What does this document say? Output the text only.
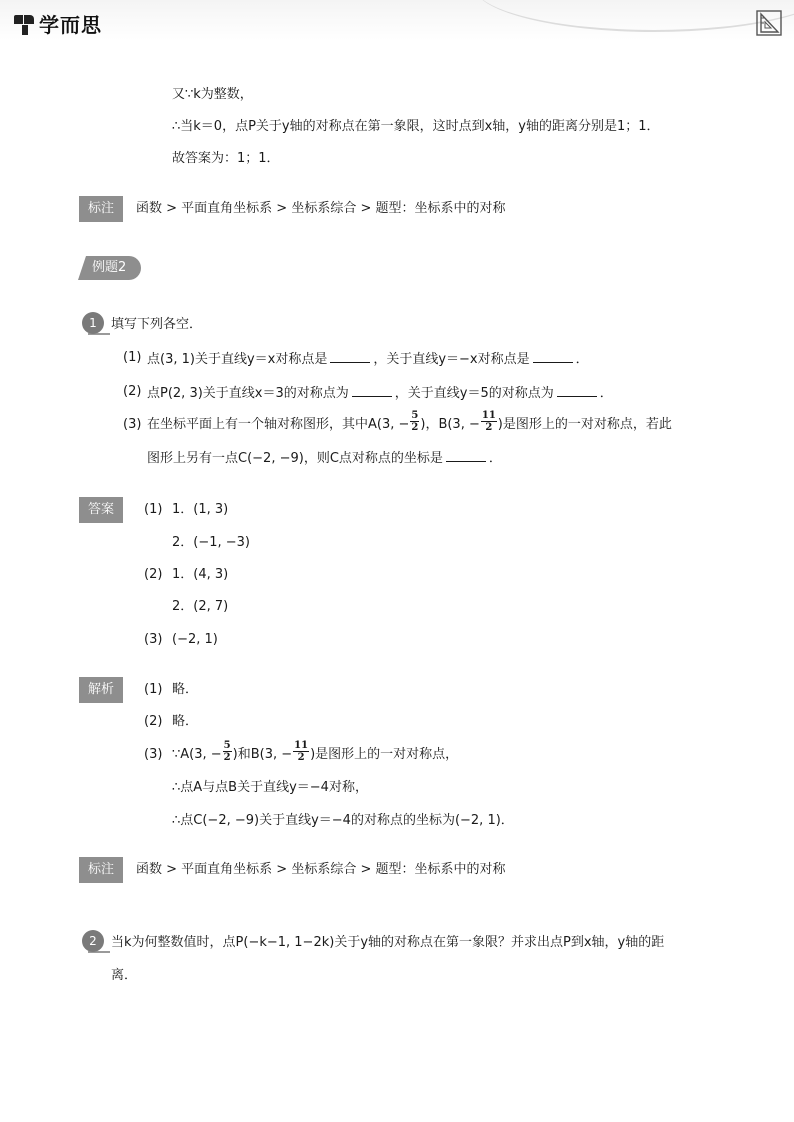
学而思
又∵k为整数，
∴当k＝0，点P关于y轴的对称点在第一象限，这时点到x轴，y轴的距离分别是1；1．
故答案为：1；1．
标注	函数 > 平面直角坐标系 > 坐标系综合 > 题型：坐标系中的对称
例题2
1	填写下列各空．
(1) 点(3, 1)关于直线y＝x对称点是	，关于直线y＝−x对称点是	．
(2) 点P(2, 3)关于直线x＝3的对称点为	，关于直线y＝5的对称点为	．
(3) 在坐标平面上有一个轴对称图形，其中A(3, − $\frac{5}{2}$ )，B(3, − $\frac{11}{2}$ )是图形上的一对对称点，若此
图形上另有一点C(−2, −9)，则C点对称点的坐标是	．
答案	(1) 1．(1, 3)
2．(−1, −3)
(2) 1．(4, 3)
2．(2, 7)
(3) (−2, 1)
解析	(1) 略．
(2) 略．
(3) ∵A(3, − $\frac{5}{2}$ )和B(3, − $\frac{11}{2}$ )是图形上的一对对称点，
∴点A与点B关于直线y＝−4对称，
∴点C(−2, −9)关于直线y＝−4的对称点的坐标为(−2, 1)．
标注	函数 > 平面直角坐标系 > 坐标系综合 > 题型：坐标系中的对称
2	当k为何整数值时，点P(−k−1, 1−2k)关于y轴的对称点在第一象限？并求出点P到x轴，y轴的距
离．
